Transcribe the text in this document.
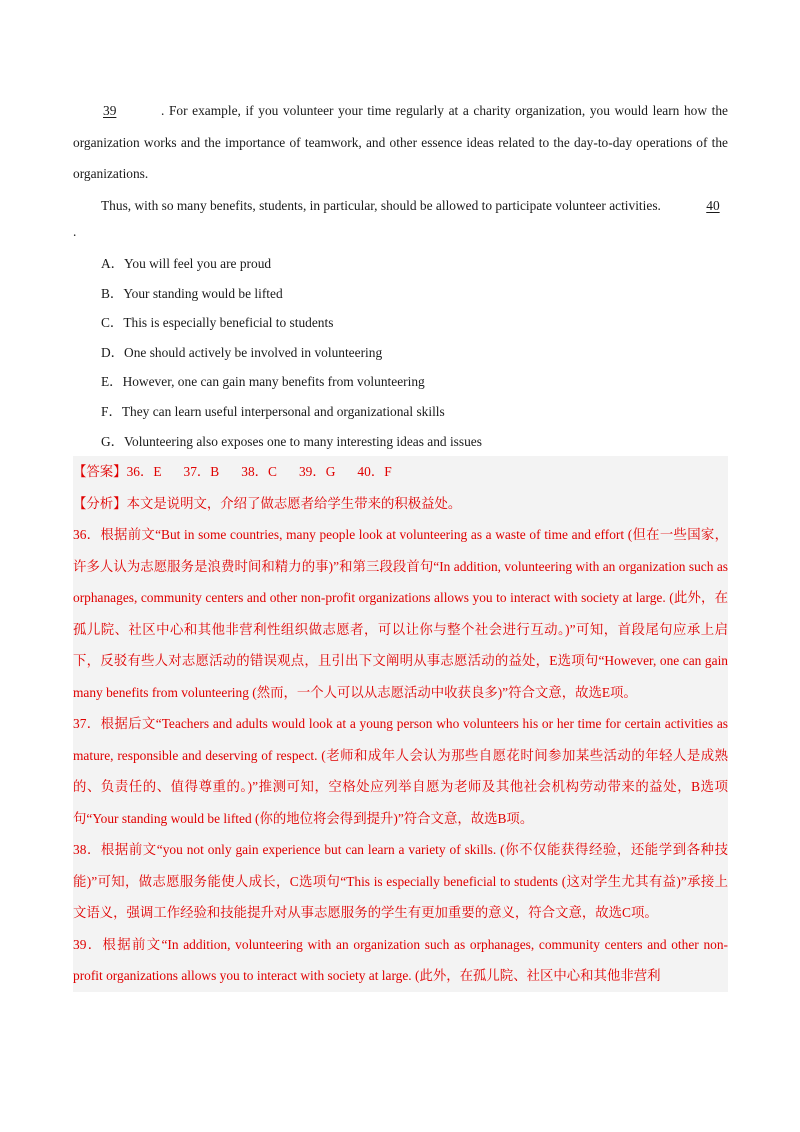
39	. For example, if you volunteer your time regularly at a charity organization, you would learn how the organization works and the importance of teamwork, and other essence ideas related to the day-to-day operations of the organizations.

Thus, with so many benefits, students, in particular, should be allowed to participate volunteer activities.	40

.

A．You will feel you are proud
B．Your standing would be lifted
C．This is especially beneficial to students
D．One should actively be involved in volunteering
E．However, one can gain many benefits from volunteering
F．They can learn useful interpersonal and organizational skills
G．Volunteering also exposes one to many interesting ideas and issues

【答案】36．E 37．B 38．C 39．G 40．F

【分析】本文是说明文，介绍了做志愿者给学生带来的积极益处。

36．根据前文“But in some countries, many people look at volunteering as a waste of time and effort (但在一些国家，许多人认为志愿服务是浪费时间和精力的事)”和第三段段首句“In addition, volunteering with an organization such as orphanages, community centers and other non-profit organizations allows you to interact with society at large. (此外，在孤儿院、社区中心和其他非营利性组织做志愿者，可以让你与整个社会进行互动。)”可知，首段尾句应承上启下，反驳有些人对志愿活动的错误观点，且引出下文阐明从事志愿活动的益处，E选项句“However, one can gain many benefits from volunteering (然而，一个人可以从志愿活动中收获良多)”符合文意，故选E项。

37．根据后文“Teachers and adults would look at a young person who volunteers his or her time for certain activities as mature, responsible and deserving of respect. (老师和成年人会认为那些自愿花时间参加某些活动的年轻人是成熟的、负责任的、值得尊重的。)”推测可知，空格处应列举自愿为老师及其他社会机构劳动带来的益处，B选项句“Your standing would be lifted (你的地位将会得到提升)”符合文意，故选B项。

38．根据前文“you not only gain experience but can learn a variety of skills. (你不仅能获得经验，还能学到各种技能)”可知，做志愿服务能使人成长，C选项句“This is especially beneficial to students (这对学生尤其有益)”承接上文语义，强调工作经验和技能提升对从事志愿服务的学生有更加重要的意义，符合文意，故选C项。

39．根据前文“In addition, volunteering with an organization such as orphanages, community centers and other non-profit organizations allows you to interact with society at large. (此外，在孤儿院、社区中心和其他非营利
